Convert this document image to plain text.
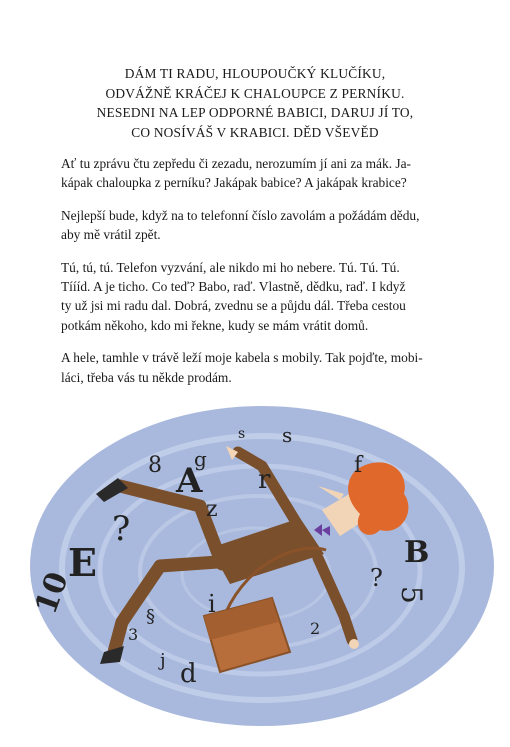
DÁM TI RADU, HLOUPOUČKÝ KLUČÍKU,
ODVÁŽNĚ KRÁČEJ K CHALOUPCE Z PERNÍKU.
NESEDNI NA LEP ODPORNÉ BABICI, DARUJ JÍ TO,
CO NOSÍVÁŠ V KRABICI. DĚD VŠEVĚD
Ať tu zprávu čtu zepředu či zezadu, nerozumím jí ani za mák. Ja-
kápak chaloupka z perníku? Jakápak babice? A jakápak krabice?
Nejlepší bude, když na to telefonní číslo zavolám a požádám dědu,
aby mě vrátil zpět.
Tú, tú, tú. Telefon vyzvání, ale nikdo mi ho nebere. Tú. Tú. Tú.
Tíííd. A je ticho. Co teď? Babo, raď. Vlastně, dědku, raď. I když
ty už jsi mi radu dal. Dobrá, zvednu se a půjdu dál. Třeba cestou
potkám někoho, kdo mi řekne, kudy se mám vrátit domů.
A hele, tamhle v trávě leží moje kabela s mobily. Tak pojďte, mobi-
láci, třeba vás tu někde prodám.
s s
8 A
g
r
z
?
E
10
f
B
5
?
i
§
3
d
j
2
